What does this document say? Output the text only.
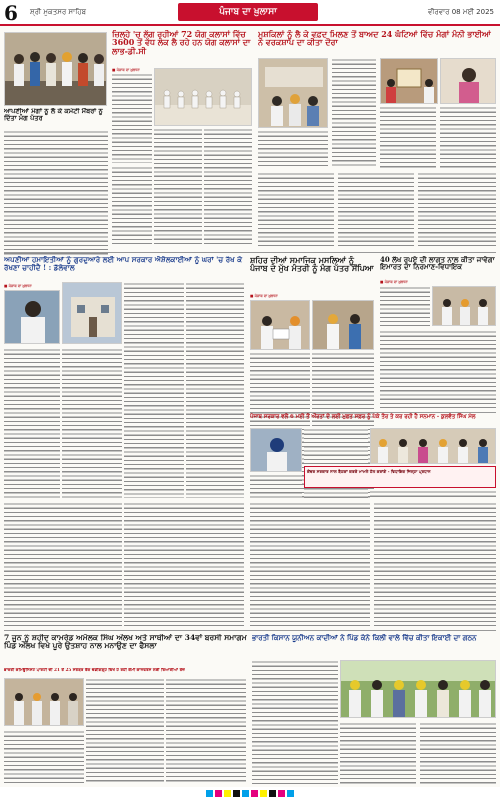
6 ਸ਼੍ਰੀ ਮੁਕਤਸਰ ਸਾਹਿਬ	ਪੰਜਾਬ ਦਾ ਖ਼ੁਲਾਸਾ	ਵੀਰਵਾਰ 08 ਮਈ 2025
ਆਪਣੀਆਂ ਮੰਗਾਂ ਨੂੰ ਲੈ ਕੇ ਕਮੇਟੀ ਮੈਂਬਰਾਂ ਨੂੰ ਦਿੱਤਾ ਮੰਗ ਪੱਤਰ
ਜ਼ਿਲ੍ਹੇ 'ਚ ਲੱਗ ਰਹੀਆਂ 72 ਯੋਗ ਕਲਾਸਾਂ ਵਿੱਚ 3600 ਤੋਂ ਵੱਧ ਲੋਕ ਲੈ ਰਹੇ ਹਨ ਯੋਗ ਕਲਾਸਾਂ ਦਾ ਲਾਭ-ਡੀ.ਸੀ
■ ਪੰਜਾਬ ਦਾ ਖ਼ੁਲਾਸਾ
ਮੁਸ਼ਕਿਲਾਂ ਨੂੰ ਲੈ ਕੇ ਵਫ਼ਦ ਮਿਲਣ ਤੋਂ ਬਾਅਦ 24 ਘੰਟਿਆਂ ਵਿੱਚ ਮੰਗਾਂ ਮੰਨੀ ਭਾਈਆਂ ਨੇ ਵਰਕਸ਼ਾਪ ਦਾ ਕੀਤਾ ਦੌਰਾ
ਅਪਣੀਆਂ ਹਮਾਇਤੀਆਂ ਨੂੰ ਗੁਰਦੁਆਰੇ ਲਈ ਆਪ ਸਰਕਾਰ ਐਸ਼ੋਲਕਾਈਆਂ ਨੂੰ ਘਰਾਂ 'ਚ ਰੱਖ ਕੇ ਰੱਖਣਾ ਚਾਹੀਦੈ ! : ਡੱਲੇਵਾਲ
■ ਪੰਜਾਬ ਦਾ ਖ਼ੁਲਾਸਾ
ਸ਼ਹਿਰ ਦੀਆਂ ਸਮਾਜਿਕ ਮਸਲਿਆਂ ਨੂੰ ਪੰਜਾਬ ਦੇ ਮੁੱਖ ਮੰਤਰੀ ਨੂੰ ਮੰਗ ਪੱਤਰ ਸੌਂਪਿਆ
■ ਪੰਜਾਬ ਦਾ ਖ਼ੁਲਾਸਾ
40 ਲੱਖ ਰੁਪਏ ਦੀ ਲਾਗਤ ਨਾਲ ਕੀਤਾ ਜਾਵੇਗਾ ਇਮਾਰਤ ਦਾ ਨਿਰਮਾਣ-ਵਿਧਾਇਕ
■ ਪੰਜਾਬ ਦਾ ਖ਼ੁਲਾਸਾ
ਪੰਜਾਬ ਸਰਕਾਰ ਵਲੋਂ 6 ਮਈ ਤੋਂ ਔਰਤਾਂ ਦੇ ਲਈ ਮੁਫ਼ਤ ਸਫ਼ਰ ਨੂੰ ਪੱਕੇ ਤੌਰ ਤੇ ਕਰ ਰਹੀ ਹੈ ਸਨਮਾਨ - ਕੁਲਵੰਤ ਸਿੰਘ ਮੱਲ
ਕੇਂਦਰ ਸਰਕਾਰ ਨਾਲ ਬੈਠਕਾਂ ਕਰਕੇ ਮਾਮਲੇ ਹੱਲ ਕਰਾਂਗੇ - ਵਿਧਾਇਕ ਜਿਲ੍ਹਾ ਪ੍ਰਧਾਨ
7 ਜੂਨ ਨੂੰ ਸ਼ਹੀਦ ਕਾਮਰੇਡ ਅਮੋਲਕ ਸਿੰਘ ਔਲਖ ਅਤੇ ਸਾਥੀਆਂ ਦਾ 34ਵਾਂ ਬਰਸੀ ਸਮਾਗਮ ਪਿੰਡ ਔਲਖ ਵਿਖੇ ਪੂਰੇ ਉਤਸ਼ਾਹ ਨਾਲ ਮਨਾਉਣ ਦਾ ਫੈਸਲਾ
ਭਾਰਤੀ ਕਮਿਊਨਿਸਟ ਪਾਰਟੀ ਦੀ 21 ਤੋਂ 25 ਸਤੰਬਰ ਤੱਕ ਚੰਡੀਗੜ੍ਹ ਵਿਖੇ ਹੋ ਰਹੀ ਕੌਮੀ ਕਾਨਫਰੰਸ ਲਈ ਤਿਆਰੀਆਂ ਤੇਜ਼
ਭਾਰਤੀ ਕਿਸਾਨ ਯੂਨੀਅਨ ਕਾਦੀਆਂ ਨੇ ਪਿੰਡ ਕੰਨੇ ਕਿਲੀ ਵਾਲੇ ਵਿੱਚ ਕੀਤਾ ਇਕਾਈ ਦਾ ਗਠਨ
